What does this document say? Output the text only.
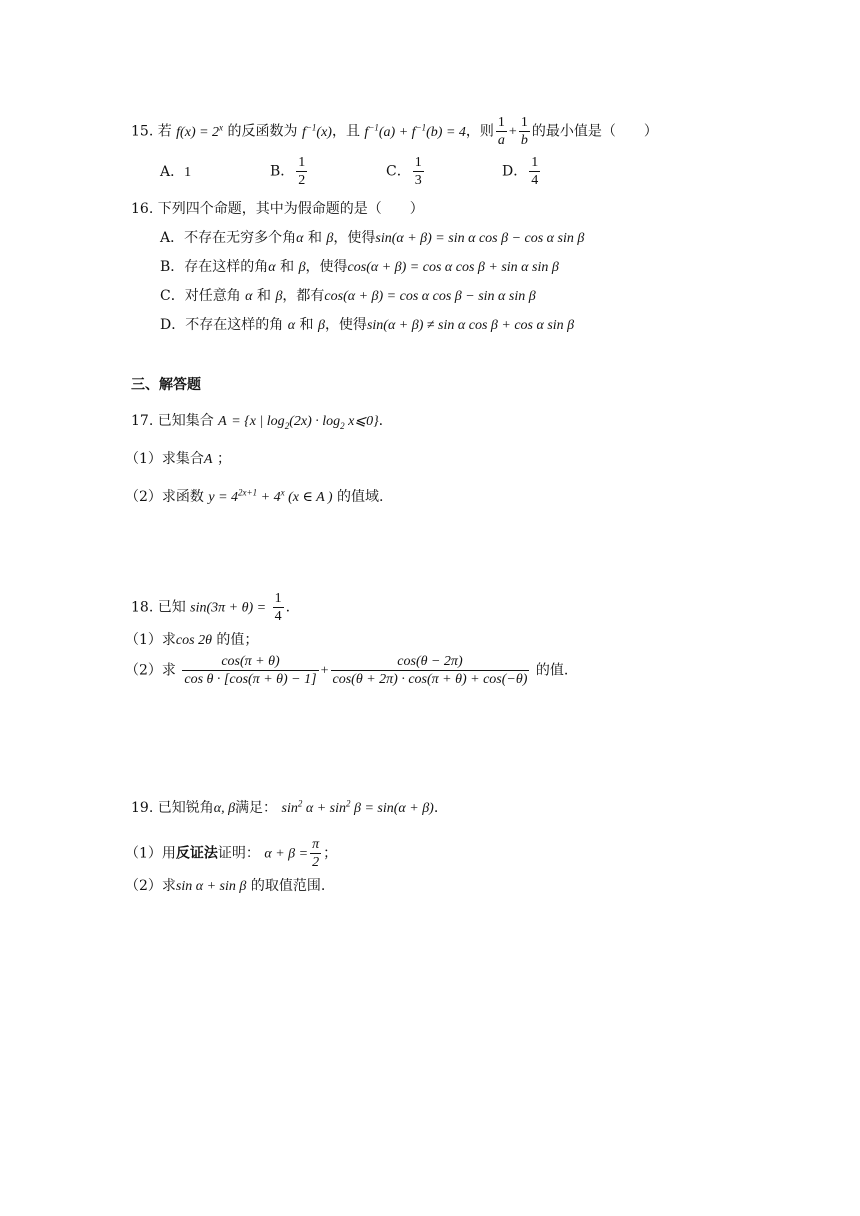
15. 若 $f(x) = 2^x$ 的反函数为 $f^{-1}(x)$，且 $f^{-1}(a) + f^{-1}(b) = 4$，则 $\frac{1}{a} + \frac{1}{b}$ 的最小值是（　　）
A．1	B． $\frac{1}{2}$	C． $\frac{1}{3}$	D． $\frac{1}{4}$
16. 下列四个命题，其中为假命题的是（　　）
A．不存在无穷多个角α 和 β，使得sin(α + β) = sin α cos β − cos α sin β
B．存在这样的角α 和 β，使得cos(α + β) = cos α cos β + sin α sin β
C．对任意角 α 和 β，都有cos(α + β) = cos α cos β − sin α sin β
D．不存在这样的角 α 和 β，使得sin(α + β) ≠ sin α cos β + cos α sin β
三、解答题
17. 已知集合 A = {x | $\log_2(2x) \cdot \log_2$ x⩽0}.
（1）求集合A ；
（2）求函数 $y = 4^{2x+1} + 4^x$ (x ∈ A ) 的值域.
18. 已知 $\sin(3\pi + \theta) = \frac{1}{4}$ .
（1）求cos 2θ 的值；
（2）求 $\frac{\cos(\pi + \theta)}{\text{cos θ · [cos(π + θ) − 1]}} + \frac{\cos(\theta - 2\pi)}{\cos(\theta + 2\pi) \cdot \cos(\pi + \theta) + \cos(-\theta)}$ 的值.
19. 已知锐角α, β满足： $\sin^2 \alpha + \sin^2 \beta = \sin(\alpha + \beta)$.
（1）用反证法证明： $\alpha + \beta = \frac{\pi}{2}$ ；
（2）求sin α + sin β 的取值范围.
